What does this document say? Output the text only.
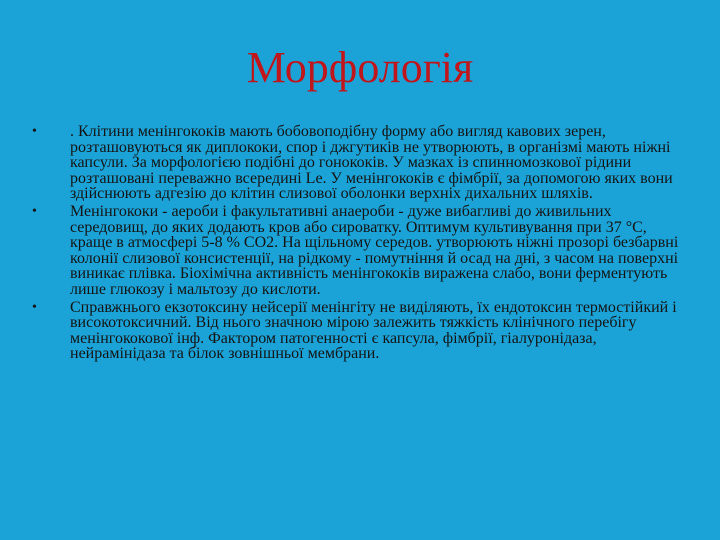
Морфологія
• . Клітини менінгококів мають бобовоподібну форму або вигляд кавових зерен, розташовуються як диплококи, спор і джгутиків не утворюють, в організмі мають ніжні капсули. За морфологією подібні до гонококів. У мазках із спинномозкової рідини розташовані переважно всередині Le. У менінгококів є фімбрії, за допомогою яких вони здійснюють адгезію до клітин слизової оболонки верхніх дихальних шляхів.
• Менінгококи - аероби і факультативні анаероби - дуже вибагливі до живильних середовищ, до яких додають кров або сироватку. Оптимум культивування при 37 °С, краще в атмосфері 5-8 % СО2. На щільному середов. утворюють ніжні прозорі безбарвні колонії слизової консистенції, на рідкому - помутніння й осад на дні, з часом на поверхні виникає плівка. Біохімічна активність менінгококів виражена слабо, вони ферментують лише глюкозу і мальтозу до кислоти.
• Справжнього екзотоксину нейсерії менінгіту не виділяють, їх ендотоксин термостійкий і високотоксичний. Від нього значною мірою залежить тяжкість клінічного перебігу менінгококової інф. Фактором патогенності є капсула, фімбрії, гіалуронідаза, нейрамінідаза та білок зовнішньої мембрани.
